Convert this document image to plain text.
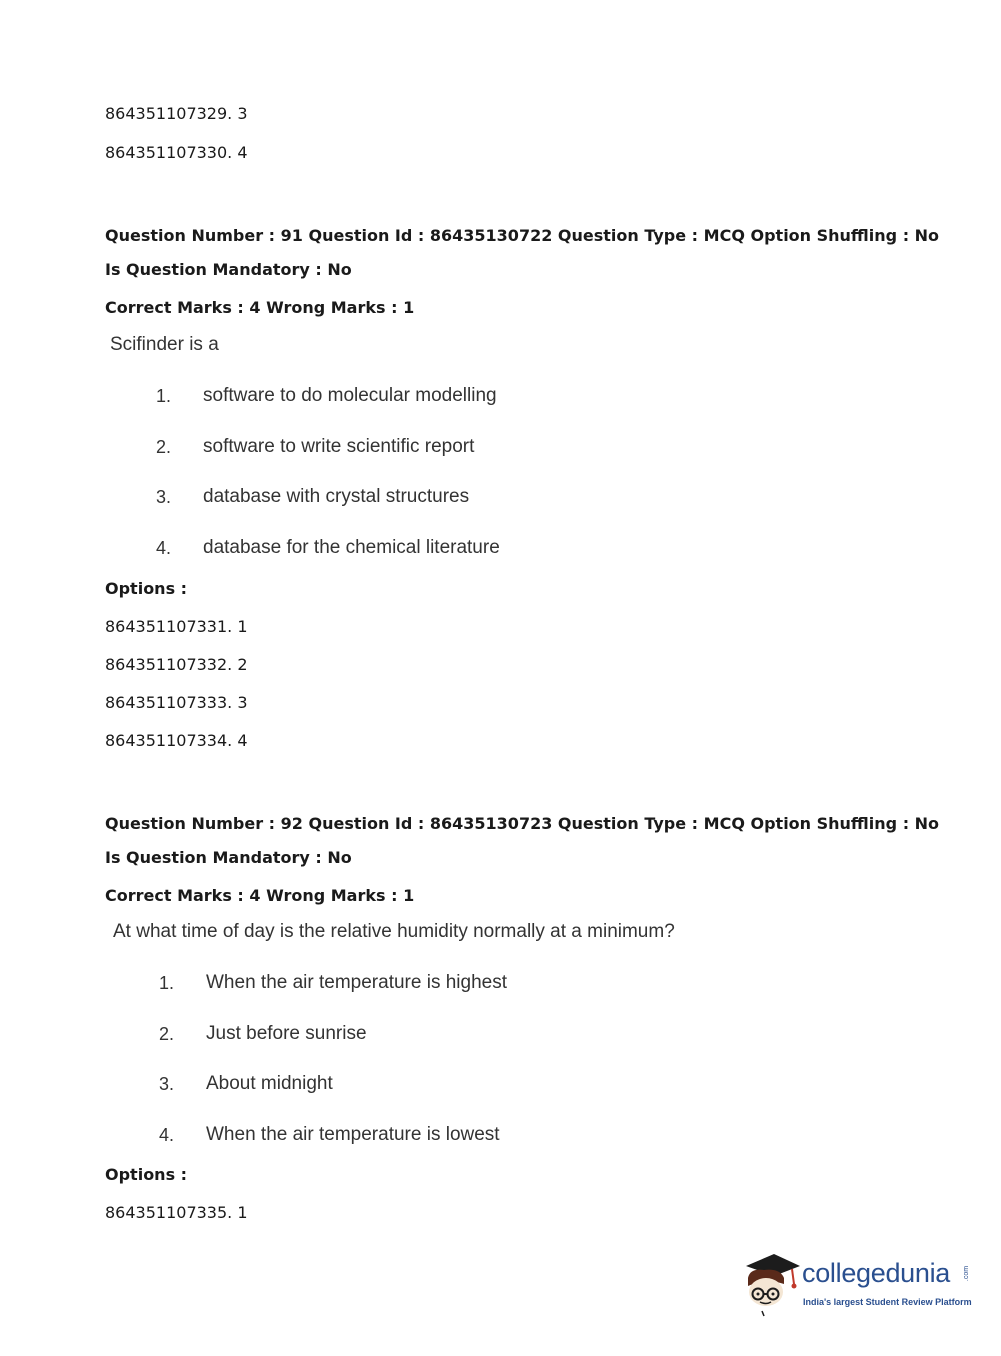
864351107329. 3
864351107330. 4
Question Number : 91 Question Id : 86435130722 Question Type : MCQ Option Shuffling : No
Is Question Mandatory : No
Correct Marks : 4 Wrong Marks : 1
Scifinder is a
1. software to do molecular modelling
2. software to write scientific report
3. database with crystal structures
4. database for the chemical literature
Options :
864351107331. 1
864351107332. 2
864351107333. 3
864351107334. 4
Question Number : 92 Question Id : 86435130723 Question Type : MCQ Option Shuffling : No
Is Question Mandatory : No
Correct Marks : 4 Wrong Marks : 1
At what time of day is the relative humidity normally at a minimum?
1. When the air temperature is highest
2. Just before sunrise
3. About midnight
4. When the air temperature is lowest
Options :
864351107335. 1
collegedunia .com
India's largest Student Review Platform
